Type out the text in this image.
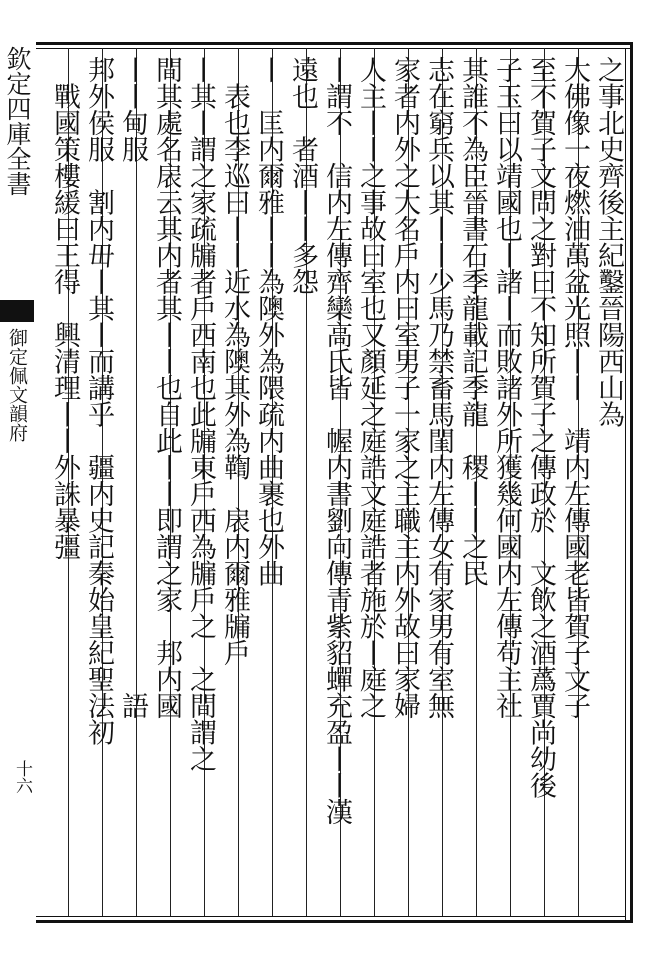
欽定四庫全書
御定佩文韻府
十六
之事北史齊後主紀鑿晉陽西山為
大佛像一夜燃油萬盆光照丨丨　靖内左傳國老皆賀子文子
至不賀子文問之對曰不知所賀子之傳政於　文飲之酒蔿賈尚幼後
子玉曰以靖國也丨諸丨而敗諸外所獲幾何國内左傳苟主社
其誰不為臣晉書石季龍載記季龍　稷丨丨之民
志在窮兵以其丨丨少馬乃禁畜馬閨内左傳女有家男有室無
家者内外之大名戶内曰室男子一家之主職主内外故曰家婦
人主丨丨之事故曰室也又顏延之庭誥文庭誥者施於丨庭之
丨謂不　信内左傳齊欒高氏皆　幄内書劉向傳青紫貂蟬充盈丨丨漢
遠也　者酒丨丨多怨
丨　匡内爾雅丨丨為隩外為隈疏内曲裹也外曲
　表也李巡曰丨丨近水為隩其外為鞫　扆内爾雅牖戶
丨其丨謂之家疏牖者戶西南也此牖東戶西為牖戶之　之間謂之
間其處名扆云其内者其丨丨也自此丨丨即謂之家　邦内國
丨丨甸服　　　　　　　　　　　　　　　　　　　　語
邦外侯服　割内毌丨其丨而講乎　疆内史記秦始皇紀聖法初
　戰國策樓緩曰王得　興清理丨丨外誅暴彊
